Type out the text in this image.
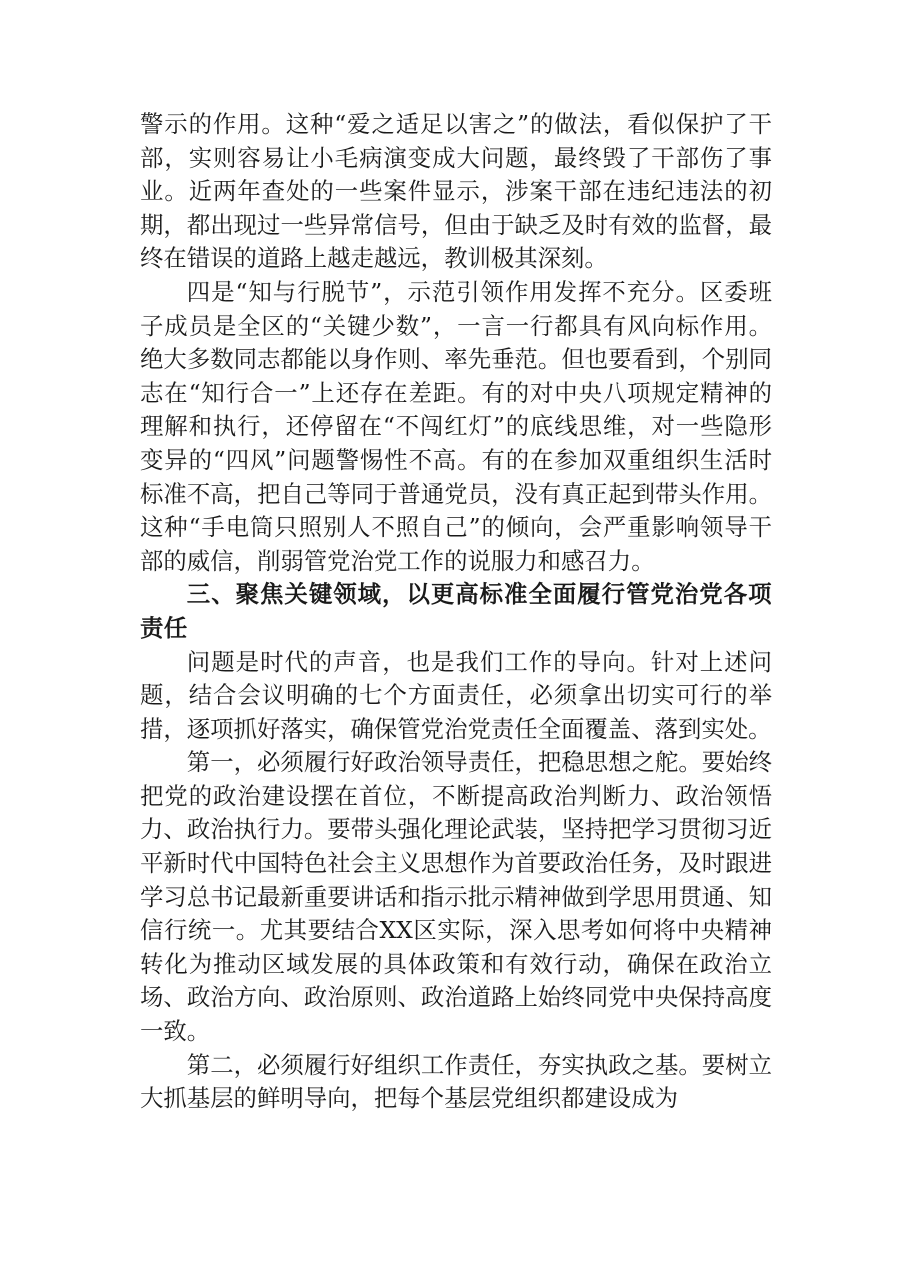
警示的作用。这种“爱之适足以害之”的做法，看似保护了干部，实则容易让小毛病演变成大问题，最终毁了干部伤了事业。近两年查处的一些案件显示，涉案干部在违纪违法的初期，都出现过一些异常信号，但由于缺乏及时有效的监督，最终在错误的道路上越走越远，教训极其深刻。

四是“知与行脱节”，示范引领作用发挥不充分。区委班子成员是全区的“关键少数”，一言一行都具有风向标作用。绝大多数同志都能以身作则、率先垂范。但也要看到，个别同志在“知行合一”上还存在差距。有的对中央八项规定精神的理解和执行，还停留在“不闯红灯”的底线思维，对一些隐形变异的“四风”问题警惕性不高。有的在参加双重组织生活时标准不高，把自己等同于普通党员，没有真正起到带头作用。这种“手电筒只照别人不照自己”的倾向，会严重影响领导干部的威信，削弱管党治党工作的说服力和感召力。

三、聚焦关键领域，以更高标准全面履行管党治党各项责任

问题是时代的声音，也是我们工作的导向。针对上述问题，结合会议明确的七个方面责任，必须拿出切实可行的举措，逐项抓好落实，确保管党治党责任全面覆盖、落到实处。

第一，必须履行好政治领导责任，把稳思想之舵。要始终把党的政治建设摆在首位，不断提高政治判断力、政治领悟力、政治执行力。要带头强化理论武装，坚持把学习贯彻习近平新时代中国特色社会主义思想作为首要政治任务，及时跟进学习总书记最新重要讲话和指示批示精神做到学思用贯通、知信行统一。尤其要结合XX区实际，深入思考如何将中央精神转化为推动区域发展的具体政策和有效行动，确保在政治立场、政治方向、政治原则、政治道路上始终同党中央保持高度一致。

第二，必须履行好组织工作责任，夯实执政之基。要树立大抓基层的鲜明导向，把每个基层党组织都建设成为
